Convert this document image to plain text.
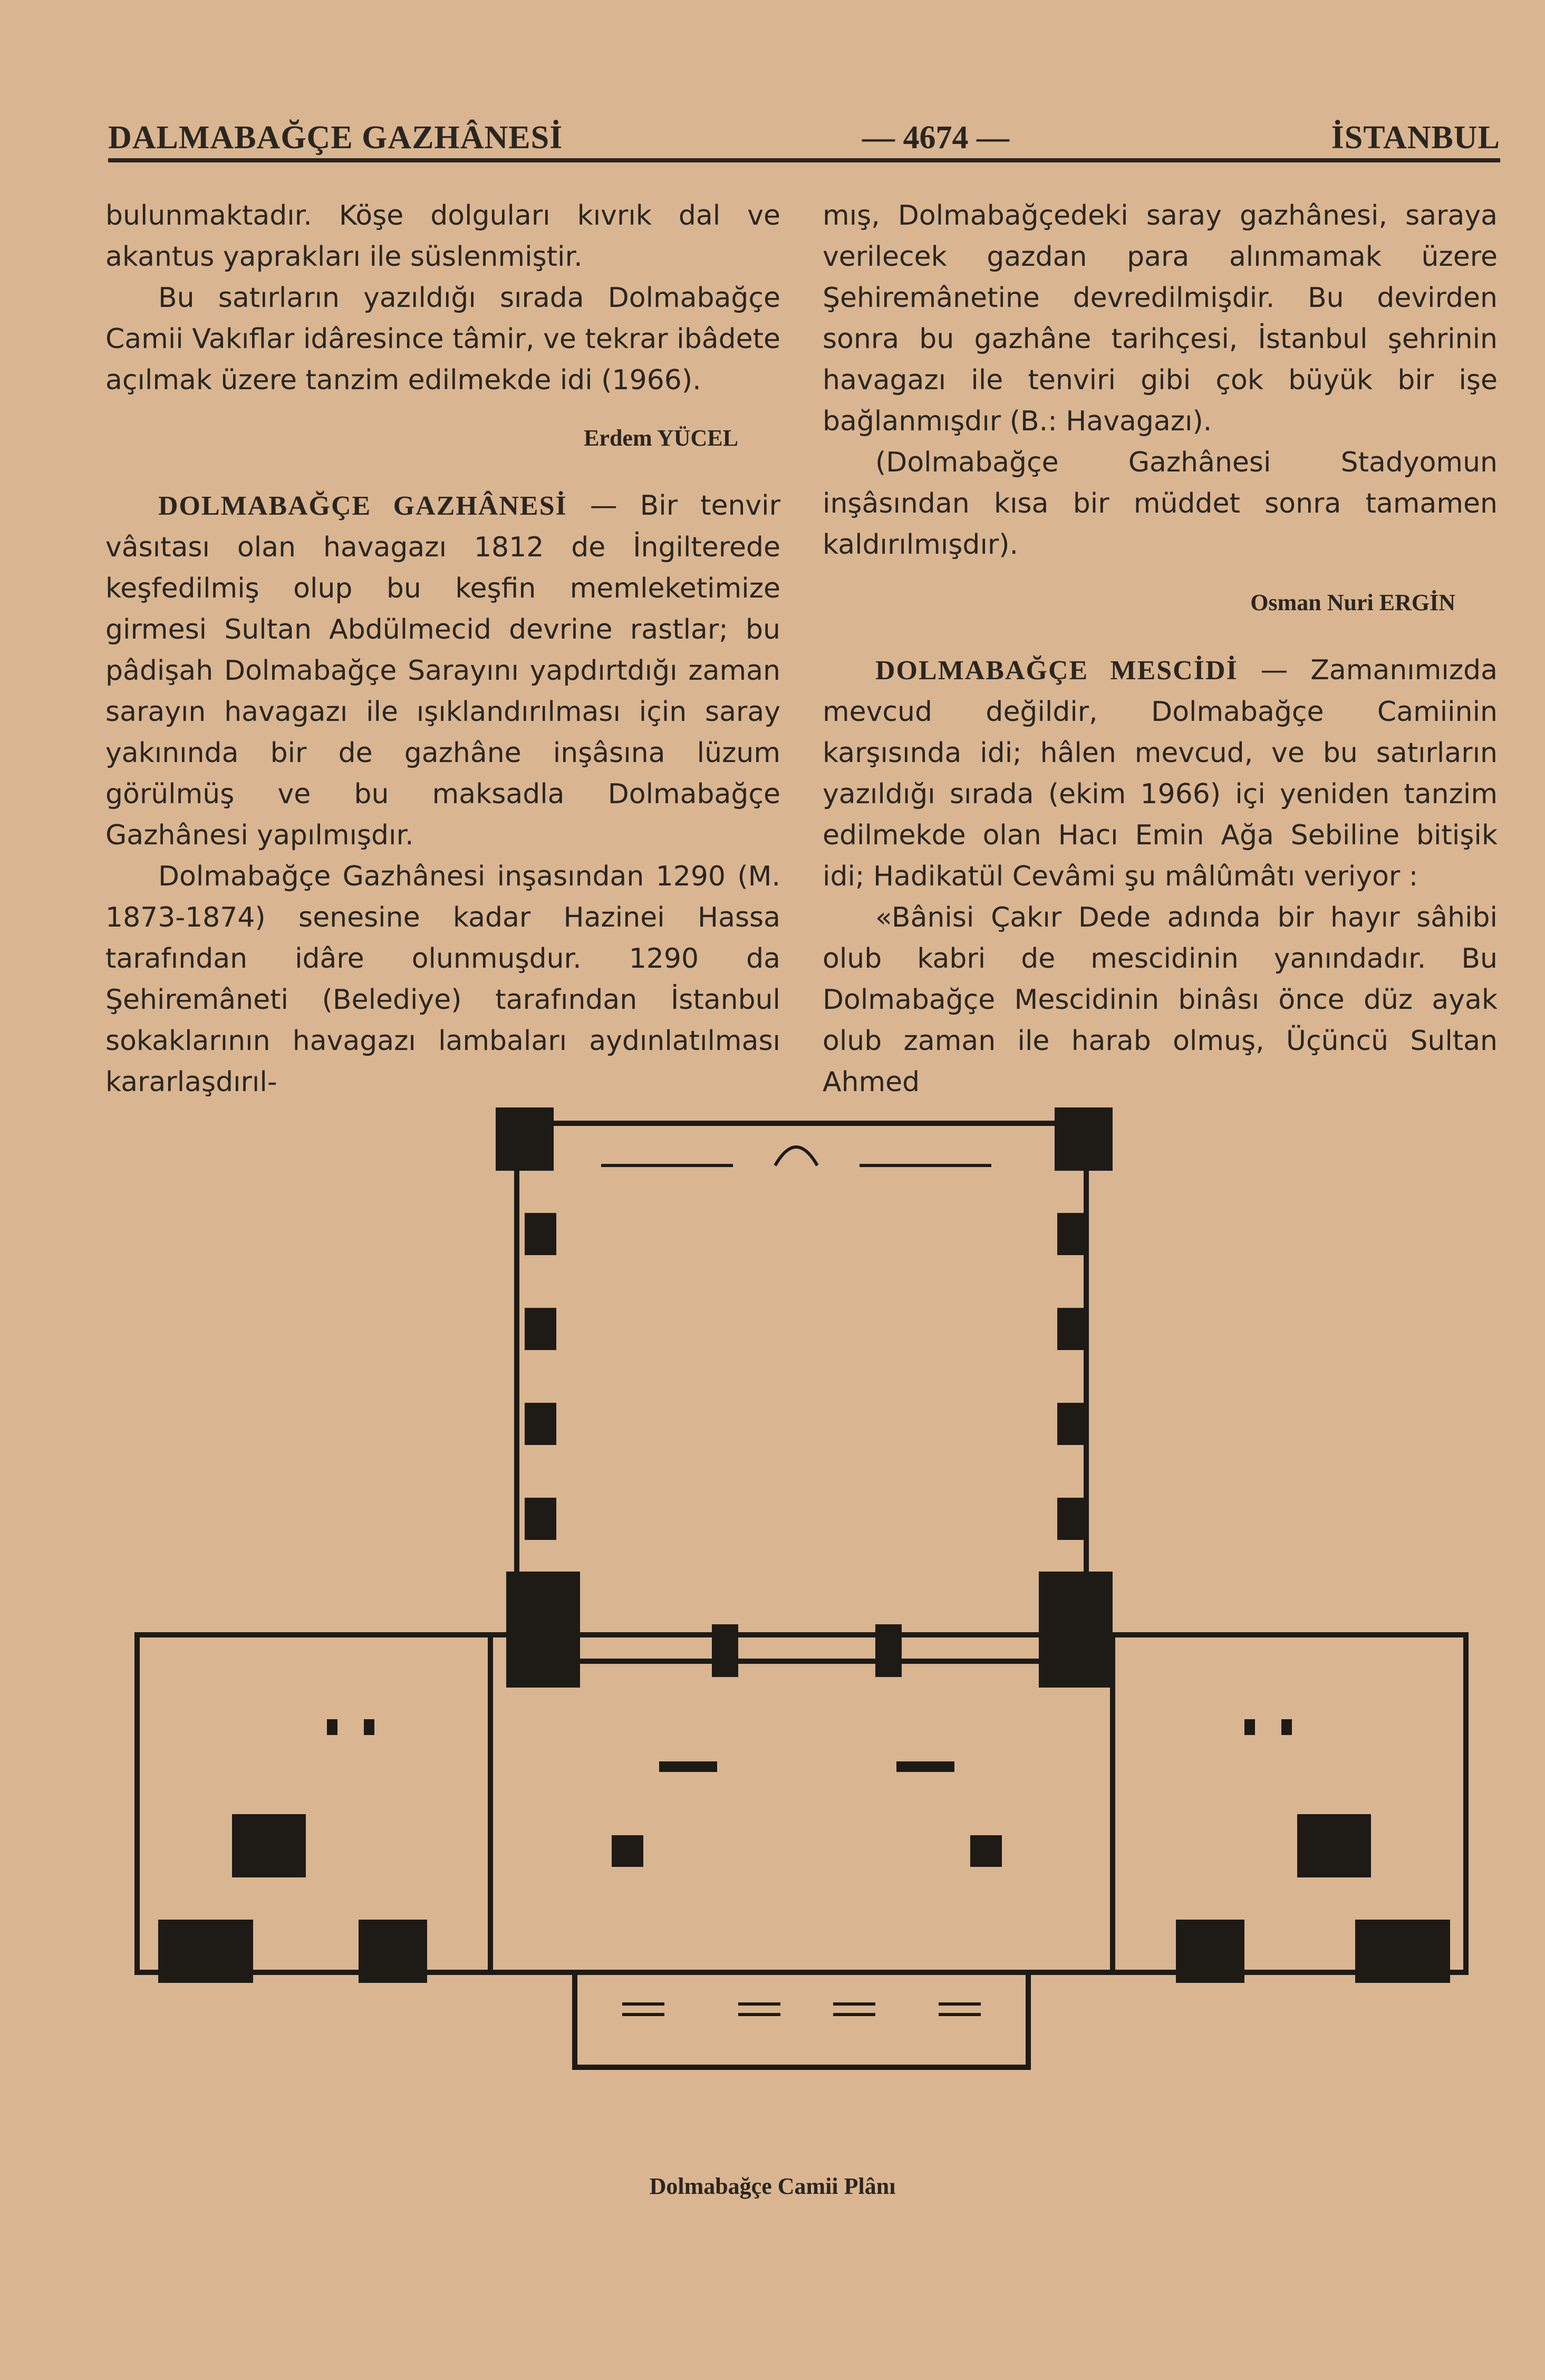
DALMABAĞÇE GAZHÂNESİ	— 4674 —	İSTANBUL

bulunmaktadır. Köşe dolguları kıvrık dal ve akantus yaprakları ile süslenmiştir.

Bu satırların yazıldığı sırada Dolmabağçe Camii Vakıflar idâresince tâmir, ve tekrar ibâdete açılmak üzere tanzim edilmekde idi (1966).

Erdem YÜCEL

DOLMABAĞÇE GAZHÂNESİ — Bir tenvir vâsıtası olan havagazı 1812 de İngilterede keşfedilmiş olup bu keşfin memleketimize girmesi Sultan Abdülmecid devrine rastlar; bu pâdişah Dolmabağçe Sarayını yapdırtdığı zaman sarayın havagazı ile ışıklandırılması için saray yakınında bir de gazhâne inşâsına lüzum görülmüş ve bu maksadla Dolmabağçe Gazhânesi yapılmışdır.

Dolmabağçe Gazhânesi inşasından 1290 (M. 1873-1874) senesine kadar Hazinei Hassa tarafından idâre olunmuşdur. 1290 da Şehiremâneti (Belediye) tarafından İstanbul sokaklarının havagazı lambaları aydınlatılması kararlaşdırıl-

mış, Dolmabağçedeki saray gazhânesi, saraya verilecek gazdan para alınmamak üzere Şehiremânetine devredilmişdir. Bu devirden sonra bu gazhâne tarihçesi, İstanbul şehrinin havagazı ile tenviri gibi çok büyük bir işe bağlanmışdır (B.: Havagazı).

(Dolmabağçe Gazhânesi Stadyomun inşâsından kısa bir müddet sonra tamamen kaldırılmışdır).

Osman Nuri ERGİN

DOLMABAĞÇE MESCİDİ — Zamanımızda mevcud değildir, Dolmabağçe Camiinin karşısında idi; hâlen mevcud, ve bu satırların yazıldığı sırada (ekim 1966) içi yeniden tanzim edilmekde olan Hacı Emin Ağa Sebiline bitişik idi; Hadikatül Cevâmi şu mâlûmâtı veriyor :

«Bânisi Çakır Dede adında bir hayır sâhibi olub kabri de mescidinin yanındadır. Bu Dolmabağçe Mescidinin binâsı önce düz ayak olub zaman ile harab olmuş, Üçüncü Sultan Ahmed

Dolmabağçe Camii Plânı
